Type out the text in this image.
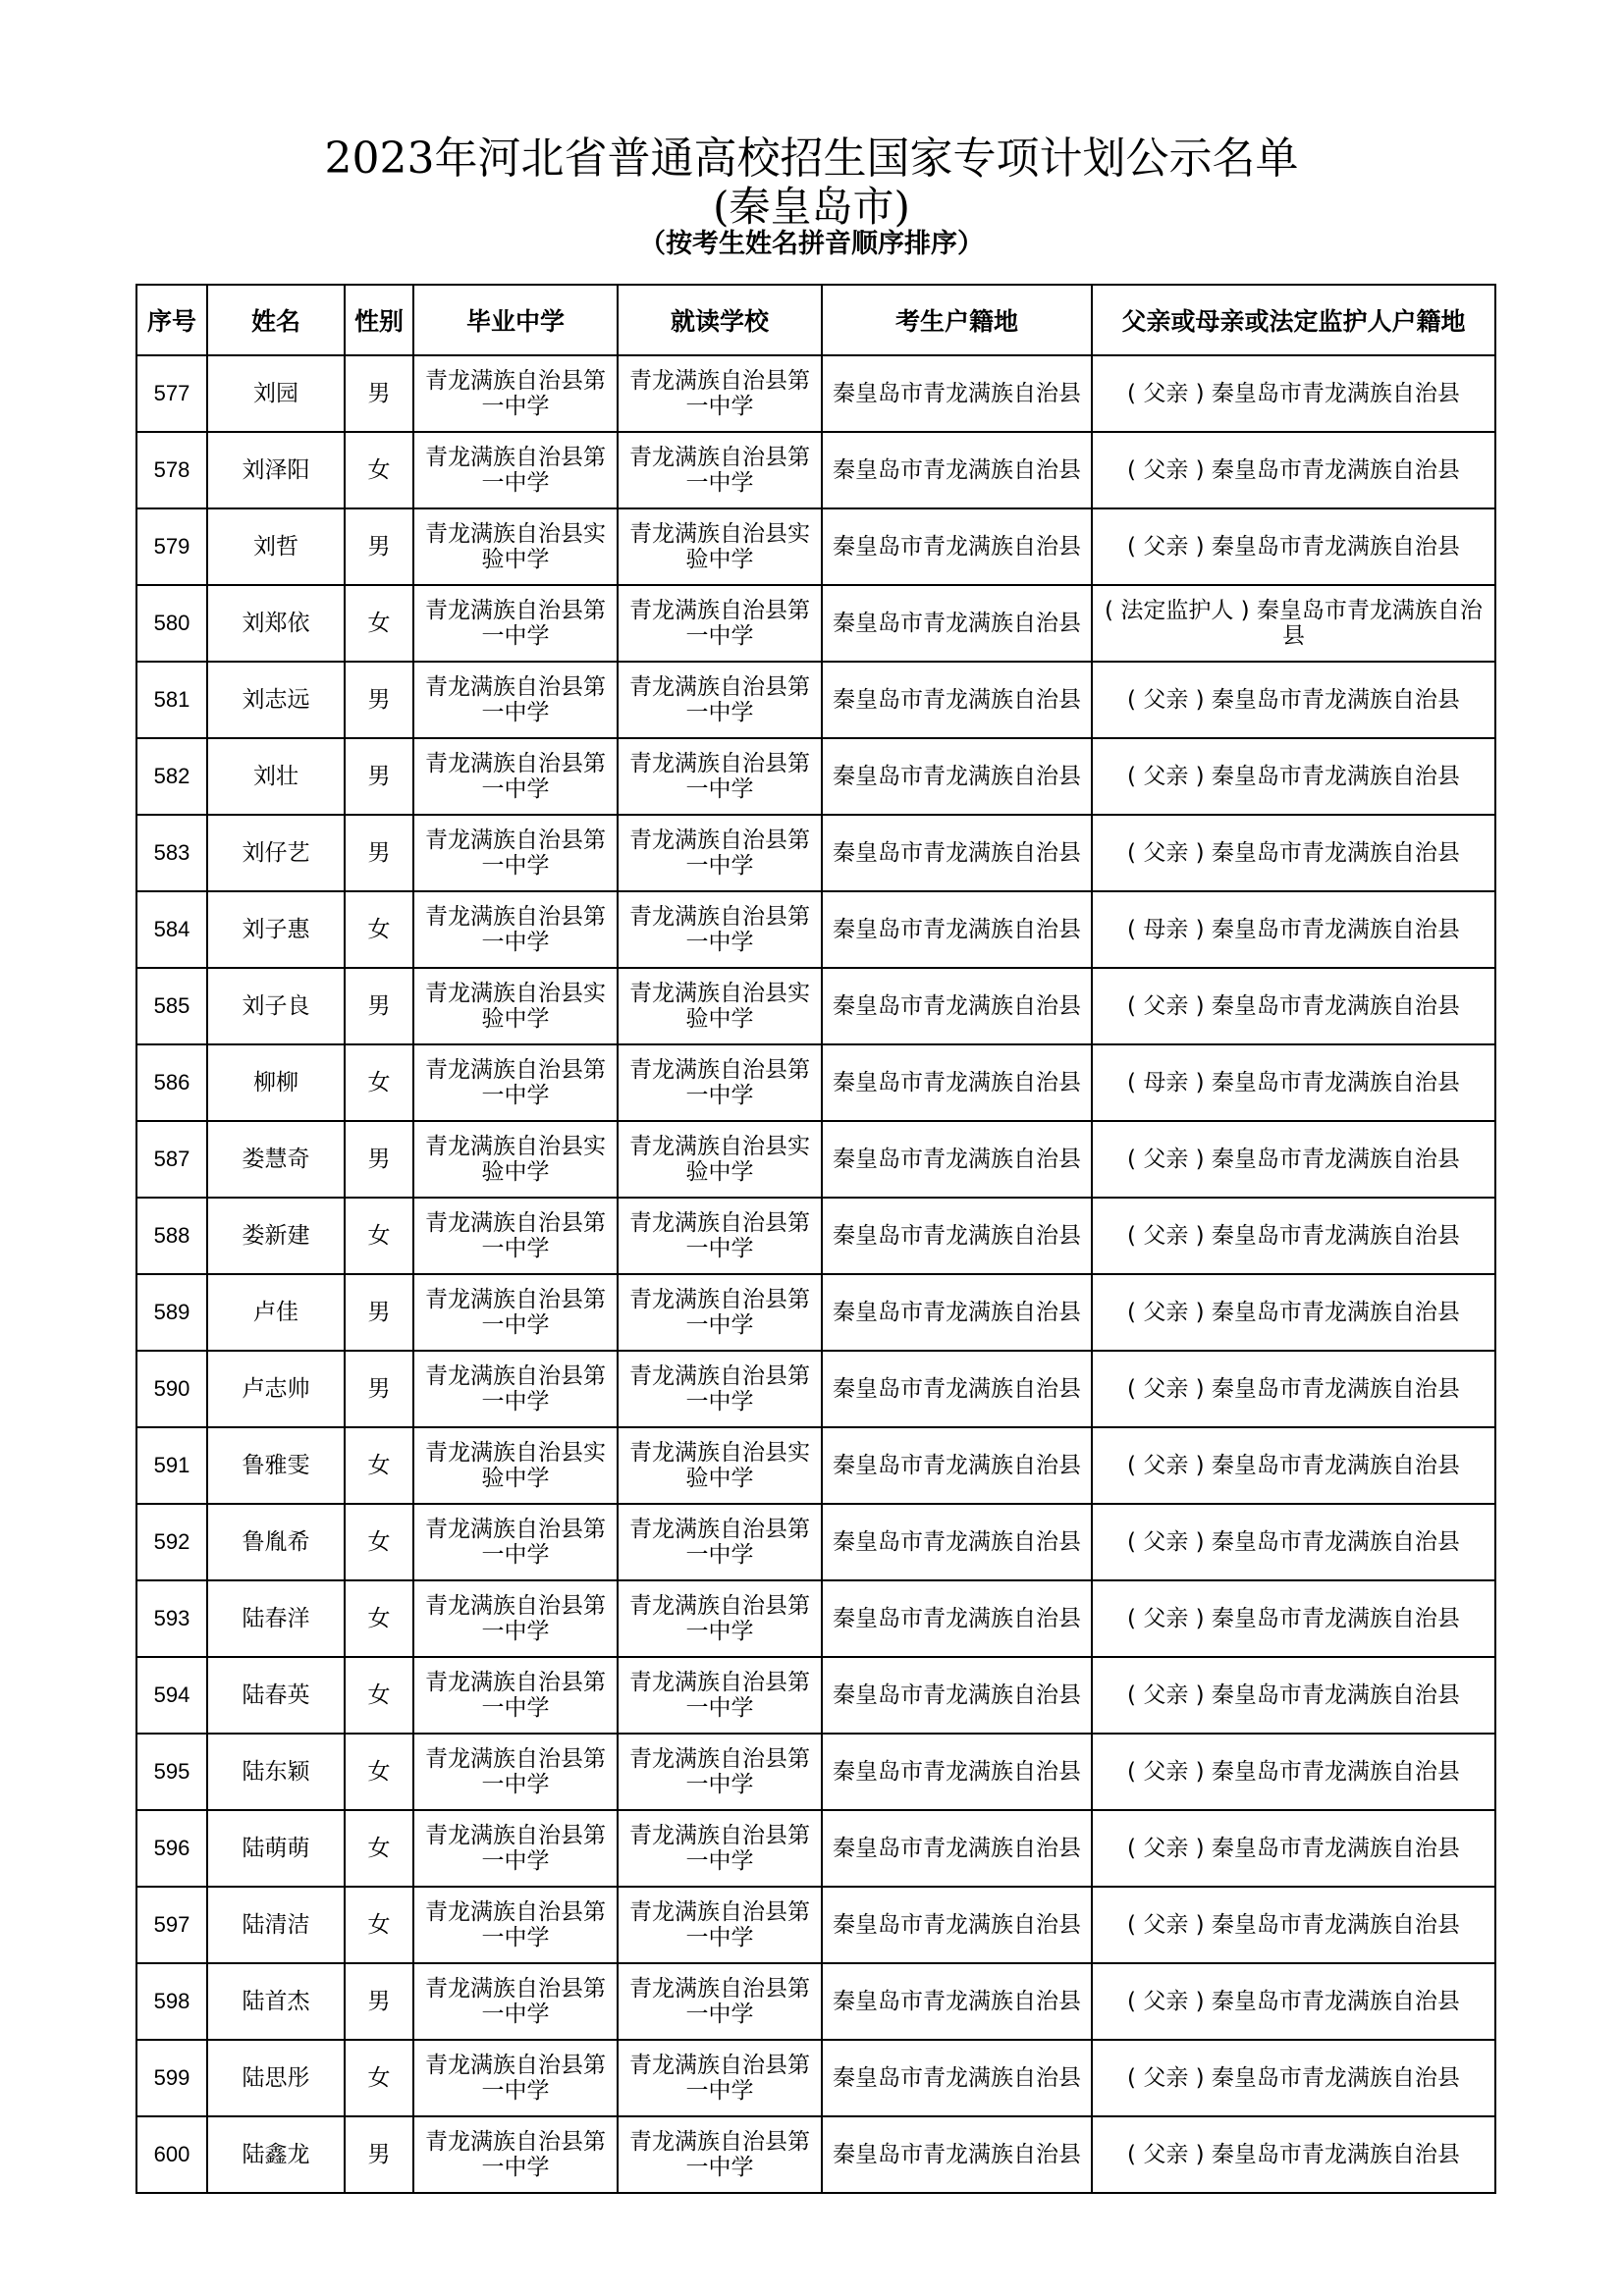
2023年河北省普通高校招生国家专项计划公示名单
(秦皇岛市)
（按考生姓名拼音顺序排序）
序号	姓名	性别	毕业中学	就读学校	考生户籍地	父亲或母亲或法定监护人户籍地
577	刘园	男	青龙满族自治县第一中学	青龙满族自治县第一中学	秦皇岛市青龙满族自治县	( 父亲 ) 秦皇岛市青龙满族自治县
578	刘泽阳	女	青龙满族自治县第一中学	青龙满族自治县第一中学	秦皇岛市青龙满族自治县	( 父亲 ) 秦皇岛市青龙满族自治县
579	刘哲	男	青龙满族自治县实验中学	青龙满族自治县实验中学	秦皇岛市青龙满族自治县	( 父亲 ) 秦皇岛市青龙满族自治县
580	刘郑依	女	青龙满族自治县第一中学	青龙满族自治县第一中学	秦皇岛市青龙满族自治县	( 法定监护人 ) 秦皇岛市青龙满族自治县
581	刘志远	男	青龙满族自治县第一中学	青龙满族自治县第一中学	秦皇岛市青龙满族自治县	( 父亲 ) 秦皇岛市青龙满族自治县
582	刘壮	男	青龙满族自治县第一中学	青龙满族自治县第一中学	秦皇岛市青龙满族自治县	( 父亲 ) 秦皇岛市青龙满族自治县
583	刘仔艺	男	青龙满族自治县第一中学	青龙满族自治县第一中学	秦皇岛市青龙满族自治县	( 父亲 ) 秦皇岛市青龙满族自治县
584	刘子惠	女	青龙满族自治县第一中学	青龙满族自治县第一中学	秦皇岛市青龙满族自治县	( 母亲 ) 秦皇岛市青龙满族自治县
585	刘子良	男	青龙满族自治县实验中学	青龙满族自治县实验中学	秦皇岛市青龙满族自治县	( 父亲 ) 秦皇岛市青龙满族自治县
586	柳柳	女	青龙满族自治县第一中学	青龙满族自治县第一中学	秦皇岛市青龙满族自治县	( 母亲 ) 秦皇岛市青龙满族自治县
587	娄慧奇	男	青龙满族自治县实验中学	青龙满族自治县实验中学	秦皇岛市青龙满族自治县	( 父亲 ) 秦皇岛市青龙满族自治县
588	娄新建	女	青龙满族自治县第一中学	青龙满族自治县第一中学	秦皇岛市青龙满族自治县	( 父亲 ) 秦皇岛市青龙满族自治县
589	卢佳	男	青龙满族自治县第一中学	青龙满族自治县第一中学	秦皇岛市青龙满族自治县	( 父亲 ) 秦皇岛市青龙满族自治县
590	卢志帅	男	青龙满族自治县第一中学	青龙满族自治县第一中学	秦皇岛市青龙满族自治县	( 父亲 ) 秦皇岛市青龙满族自治县
591	鲁雅雯	女	青龙满族自治县实验中学	青龙满族自治县实验中学	秦皇岛市青龙满族自治县	( 父亲 ) 秦皇岛市青龙满族自治县
592	鲁胤希	女	青龙满族自治县第一中学	青龙满族自治县第一中学	秦皇岛市青龙满族自治县	( 父亲 ) 秦皇岛市青龙满族自治县
593	陆春洋	女	青龙满族自治县第一中学	青龙满族自治县第一中学	秦皇岛市青龙满族自治县	( 父亲 ) 秦皇岛市青龙满族自治县
594	陆春英	女	青龙满族自治县第一中学	青龙满族自治县第一中学	秦皇岛市青龙满族自治县	( 父亲 ) 秦皇岛市青龙满族自治县
595	陆东颖	女	青龙满族自治县第一中学	青龙满族自治县第一中学	秦皇岛市青龙满族自治县	( 父亲 ) 秦皇岛市青龙满族自治县
596	陆萌萌	女	青龙满族自治县第一中学	青龙满族自治县第一中学	秦皇岛市青龙满族自治县	( 父亲 ) 秦皇岛市青龙满族自治县
597	陆清洁	女	青龙满族自治县第一中学	青龙满族自治县第一中学	秦皇岛市青龙满族自治县	( 父亲 ) 秦皇岛市青龙满族自治县
598	陆首杰	男	青龙满族自治县第一中学	青龙满族自治县第一中学	秦皇岛市青龙满族自治县	( 父亲 ) 秦皇岛市青龙满族自治县
599	陆思彤	女	青龙满族自治县第一中学	青龙满族自治县第一中学	秦皇岛市青龙满族自治县	( 父亲 ) 秦皇岛市青龙满族自治县
600	陆鑫龙	男	青龙满族自治县第一中学	青龙满族自治县第一中学	秦皇岛市青龙满族自治县	( 父亲 ) 秦皇岛市青龙满族自治县
